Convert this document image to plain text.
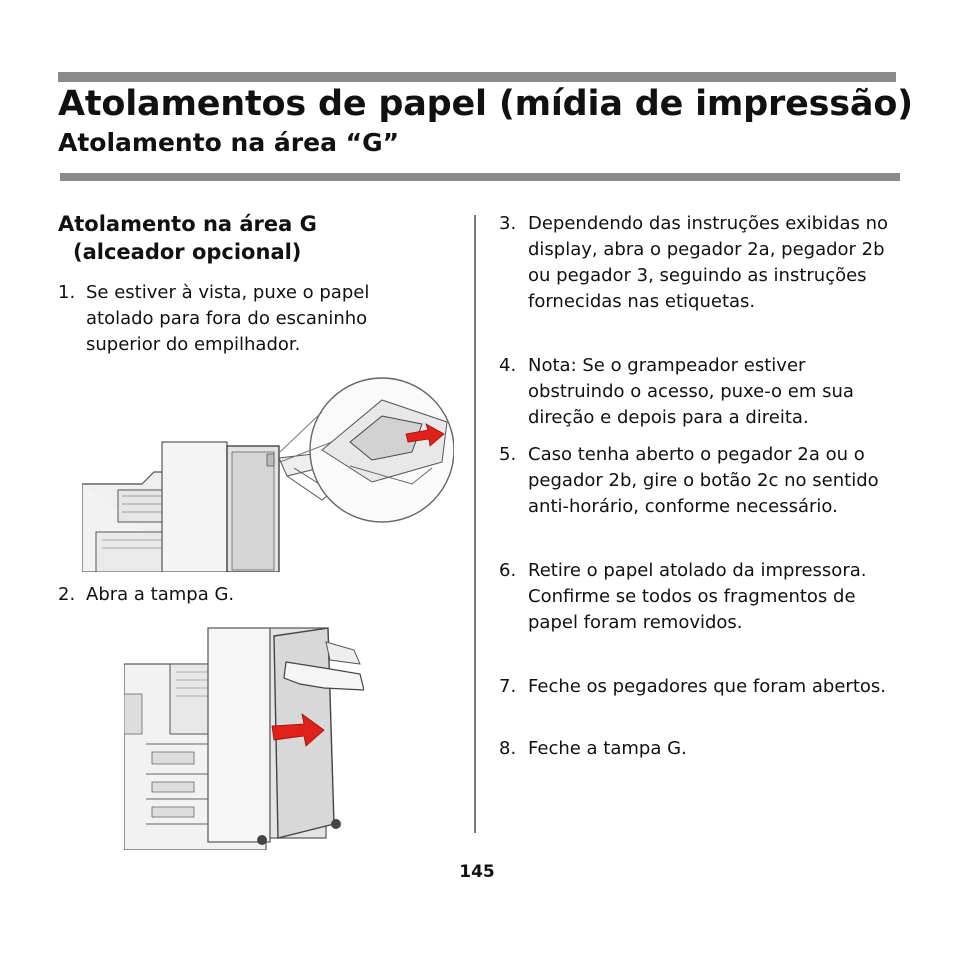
Atolamentos de papel (mídia de impressão)
Atolamento na área “G”
Atolamento na área G
(alceador opcional)
1. Se estiver à vista, puxe o papel atolado para fora do escaninho superior do empilhador.
2. Abra a tampa G.
3. Dependendo das instruções exibidas no display, abra o pegador 2a, pegador 2b ou pegador 3, seguindo as instruções fornecidas nas etiquetas.
4. Nota: Se o grampeador estiver obstruindo o acesso, puxe-o em sua direção e depois para a direita.
5. Caso tenha aberto o pegador 2a ou o pegador 2b, gire o botão 2c no sentido anti-horário, conforme necessário.
6. Retire o papel atolado da impressora. Confirme se todos os fragmentos de papel foram removidos.
7. Feche os pegadores que foram abertos.
8. Feche a tampa G.
145
